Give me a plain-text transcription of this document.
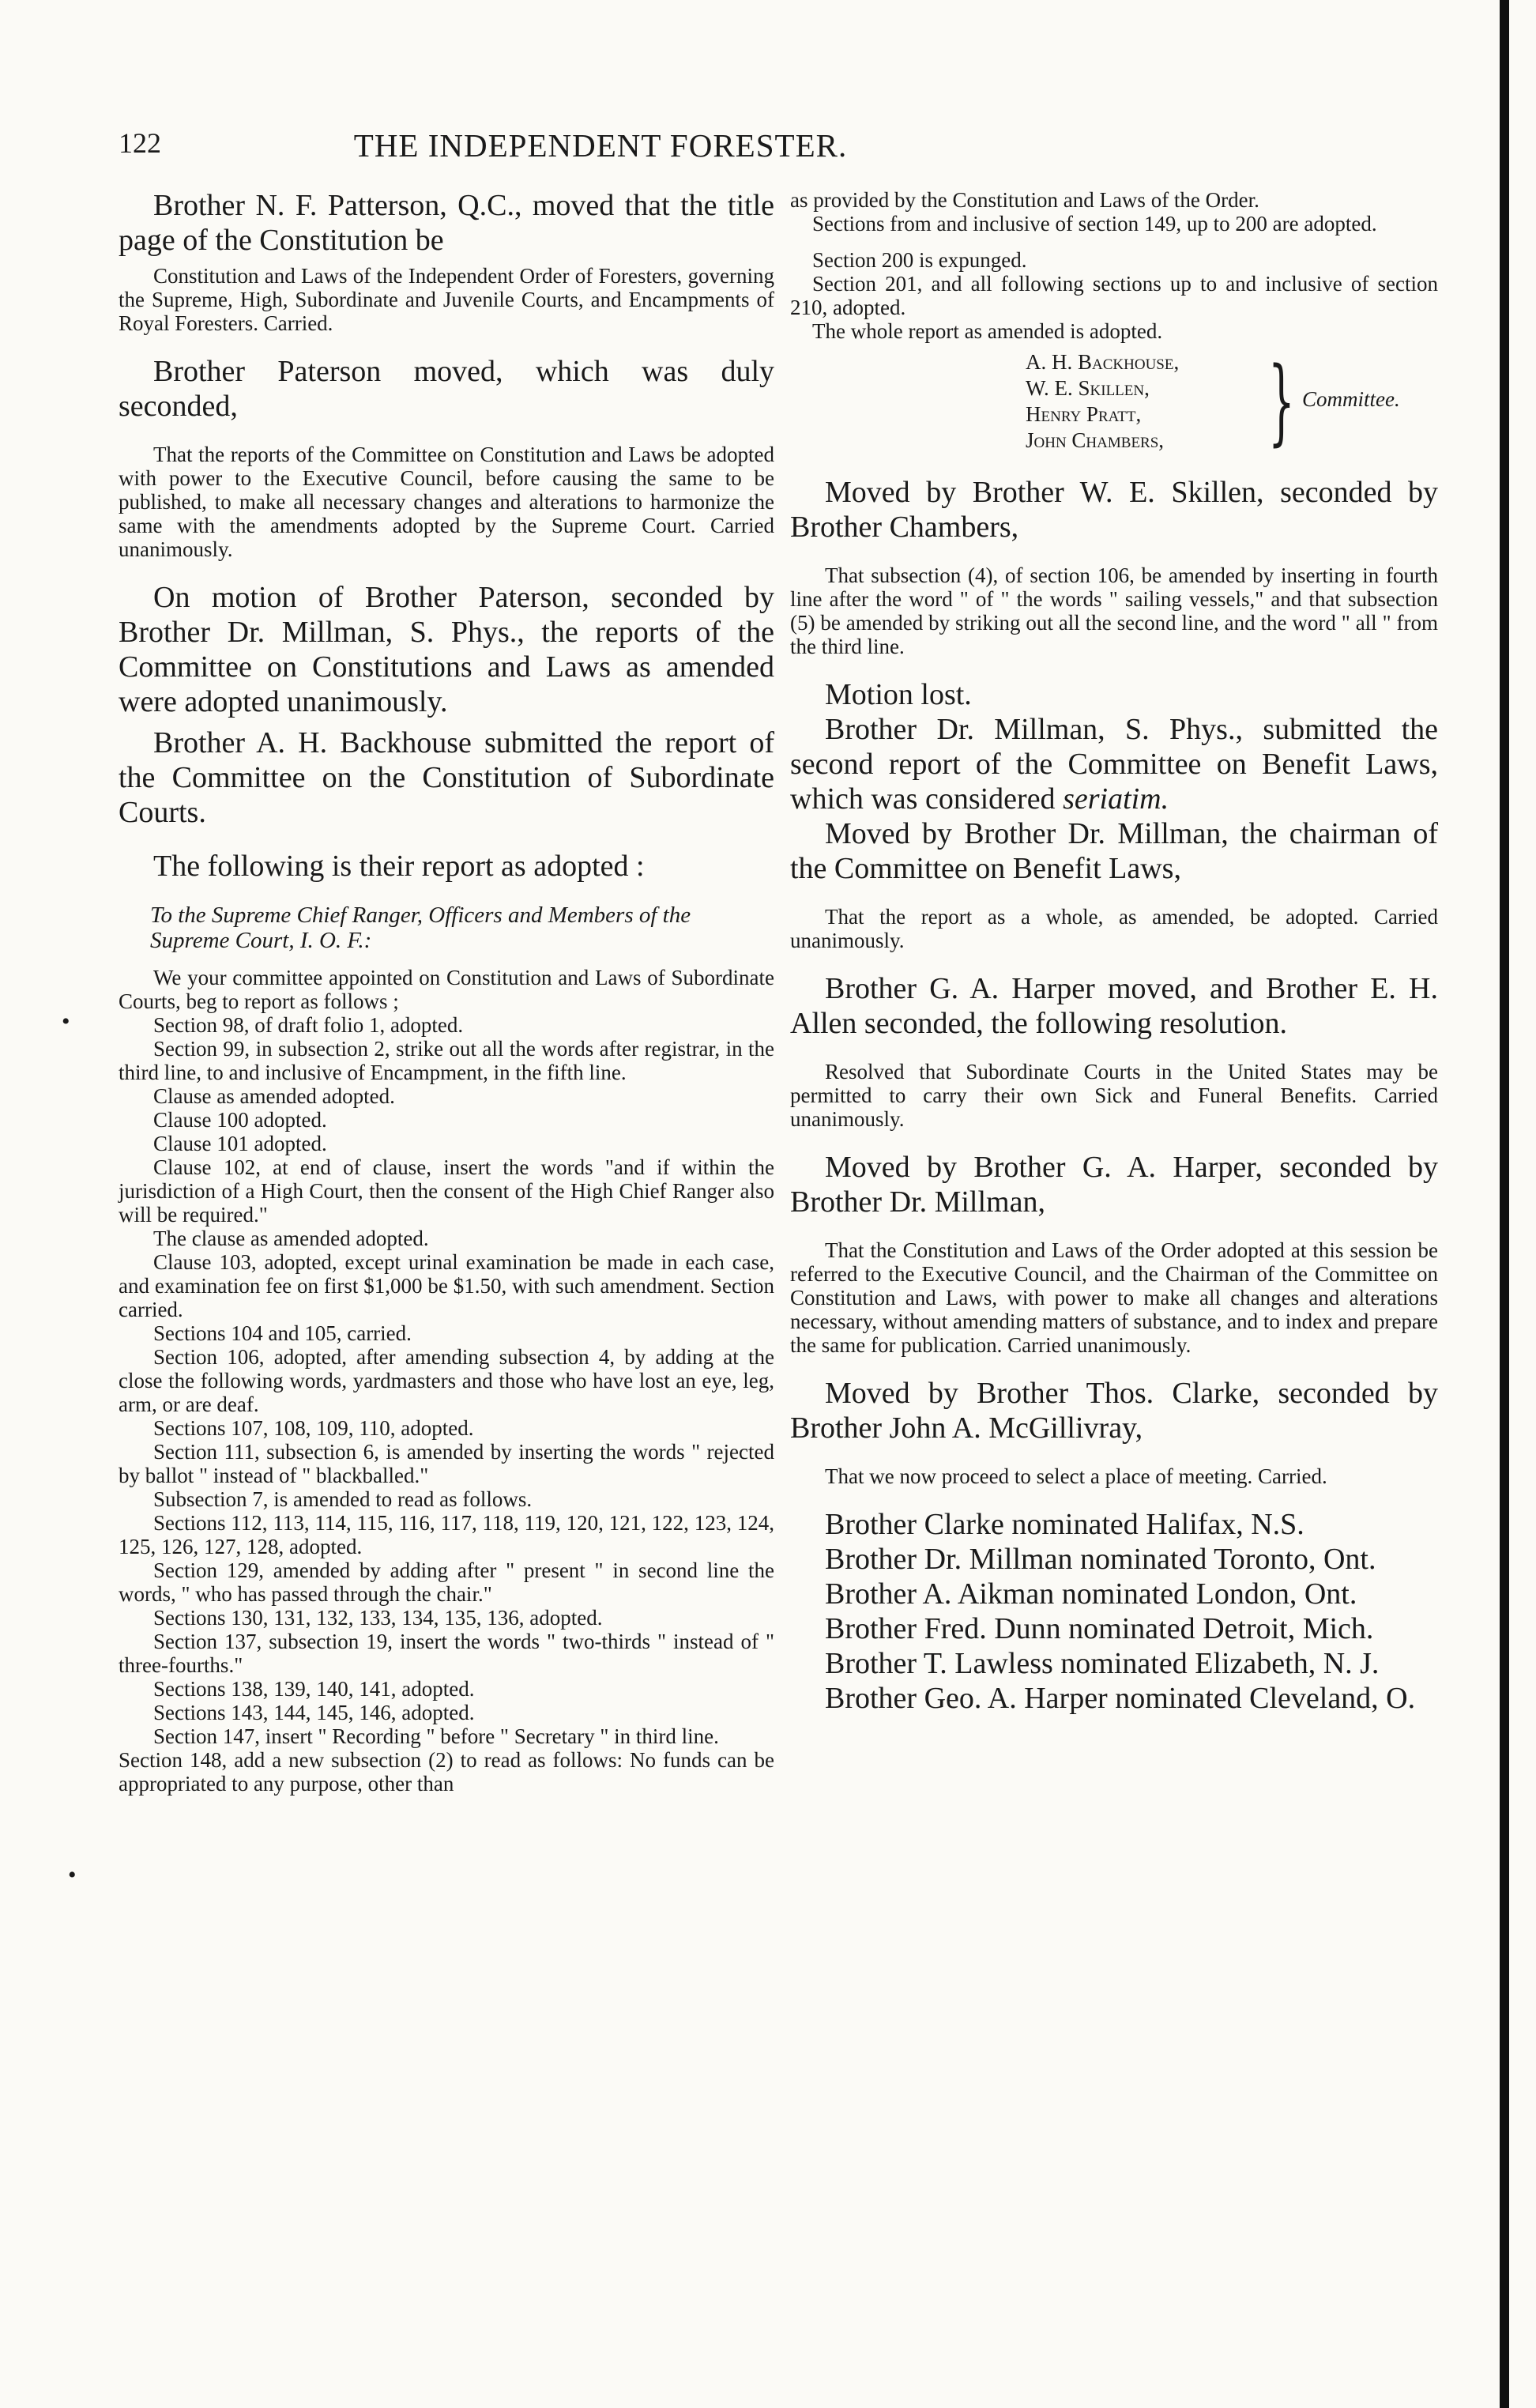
122	THE INDEPENDENT FORESTER.
•
•

Brother N. F. Patterson, Q.C., moved that the title page of the Constitution be

Constitution and Laws of the Independent Order of Foresters, governing the Supreme, High, Subordinate and Juvenile Courts, and Encampments of Royal Foresters. Carried.

Brother Paterson moved, which was duly seconded,

That the reports of the Committee on Constitution and Laws be adopted with power to the Executive Council, before causing the same to be published, to make all necessary changes and alterations to harmonize the same with the amendments adopted by the Supreme Court. Carried unanimously.

On motion of Brother Paterson, seconded by Brother Dr. Millman, S. Phys., the reports of the Committee on Constitutions and Laws as amended were adopted unanimously.

Brother A. H. Backhouse submitted the report of the Committee on the Constitution of Subordinate Courts.

The following is their report as adopted :

To the Supreme Chief Ranger, Officers and Members of the Supreme Court, I. O. F.:

We your committee appointed on Constitution and Laws of Subordinate Courts, beg to report as follows ;

Section 98, of draft folio 1, adopted.

Section 99, in subsection 2, strike out all the words after registrar, in the third line, to and inclusive of Encampment, in the fifth line.

Clause as amended adopted.

Clause 100 adopted.

Clause 101 adopted.

Clause 102, at end of clause, insert the words "and if within the jurisdiction of a High Court, then the consent of the High Chief Ranger also will be required."

The clause as amended adopted.

Clause 103, adopted, except urinal examination be made in each case, and examination fee on first $1,000 be $1.50, with such amendment. Section carried.

Sections 104 and 105, carried.

Section 106, adopted, after amending subsection 4, by adding at the close the following words, yardmasters and those who have lost an eye, leg, arm, or are deaf.

Sections 107, 108, 109, 110, adopted.

Section 111, subsection 6, is amended by inserting the words " rejected by ballot " instead of " blackballed."

Subsection 7, is amended to read as follows.

Sections 112, 113, 114, 115, 116, 117, 118, 119, 120, 121, 122, 123, 124, 125, 126, 127, 128, adopted.

Section 129, amended by adding after " present " in second line the words, " who has passed through the chair."

Sections 130, 131, 132, 133, 134, 135, 136, adopted.

Section 137, subsection 19, insert the words " two-thirds " instead of " three-fourths."

Sections 138, 139, 140, 141, adopted.

Sections 143, 144, 145, 146, adopted.

Section 147, insert " Recording " before " Secretary " in third line.

Section 148, add a new subsection (2) to read as follows: No funds can be appropriated to any purpose, other than

as provided by the Constitution and Laws of the Order.

Sections from and inclusive of section 149, up to 200 are adopted.

Section 200 is expunged.

Section 201, and all following sections up to and inclusive of section 210, adopted.

The whole report as amended is adopted.

A. H. Backhouse,
W. E. Skillen,
Henry Pratt,
John Chambers, } Committee.

Moved by Brother W. E. Skillen, seconded by Brother Chambers,

That subsection (4), of section 106, be amended by inserting in fourth line after the word " of " the words " sailing vessels," and that subsection (5) be amended by striking out all the second line, and the word " all " from the third line.

Motion lost.

Brother Dr. Millman, S. Phys., submitted the second report of the Committee on Benefit Laws, which was considered seriatim.

Moved by Brother Dr. Millman, the chairman of the Committee on Benefit Laws,

That the report as a whole, as amended, be adopted. Carried unanimously.

Brother G. A. Harper moved, and Brother E. H. Allen seconded, the following resolution.

Resolved that Subordinate Courts in the United States may be permitted to carry their own Sick and Funeral Benefits. Carried unanimously.

Moved by Brother G. A. Harper, seconded by Brother Dr. Millman,

That the Constitution and Laws of the Order adopted at this session be referred to the Executive Council, and the Chairman of the Committee on Constitution and Laws, with power to make all changes and alterations necessary, without amending matters of substance, and to index and prepare the same for publication. Carried unanimously.

Moved by Brother Thos. Clarke, seconded by Brother John A. McGillivray,

That we now proceed to select a place of meeting. Carried.

Brother Clarke nominated Halifax, N.S.

Brother Dr. Millman nominated Toronto, Ont.

Brother A. Aikman nominated London, Ont.

Brother Fred. Dunn nominated Detroit, Mich.

Brother T. Lawless nominated Elizabeth, N. J.

Brother Geo. A. Harper nominated Cleveland, O.
